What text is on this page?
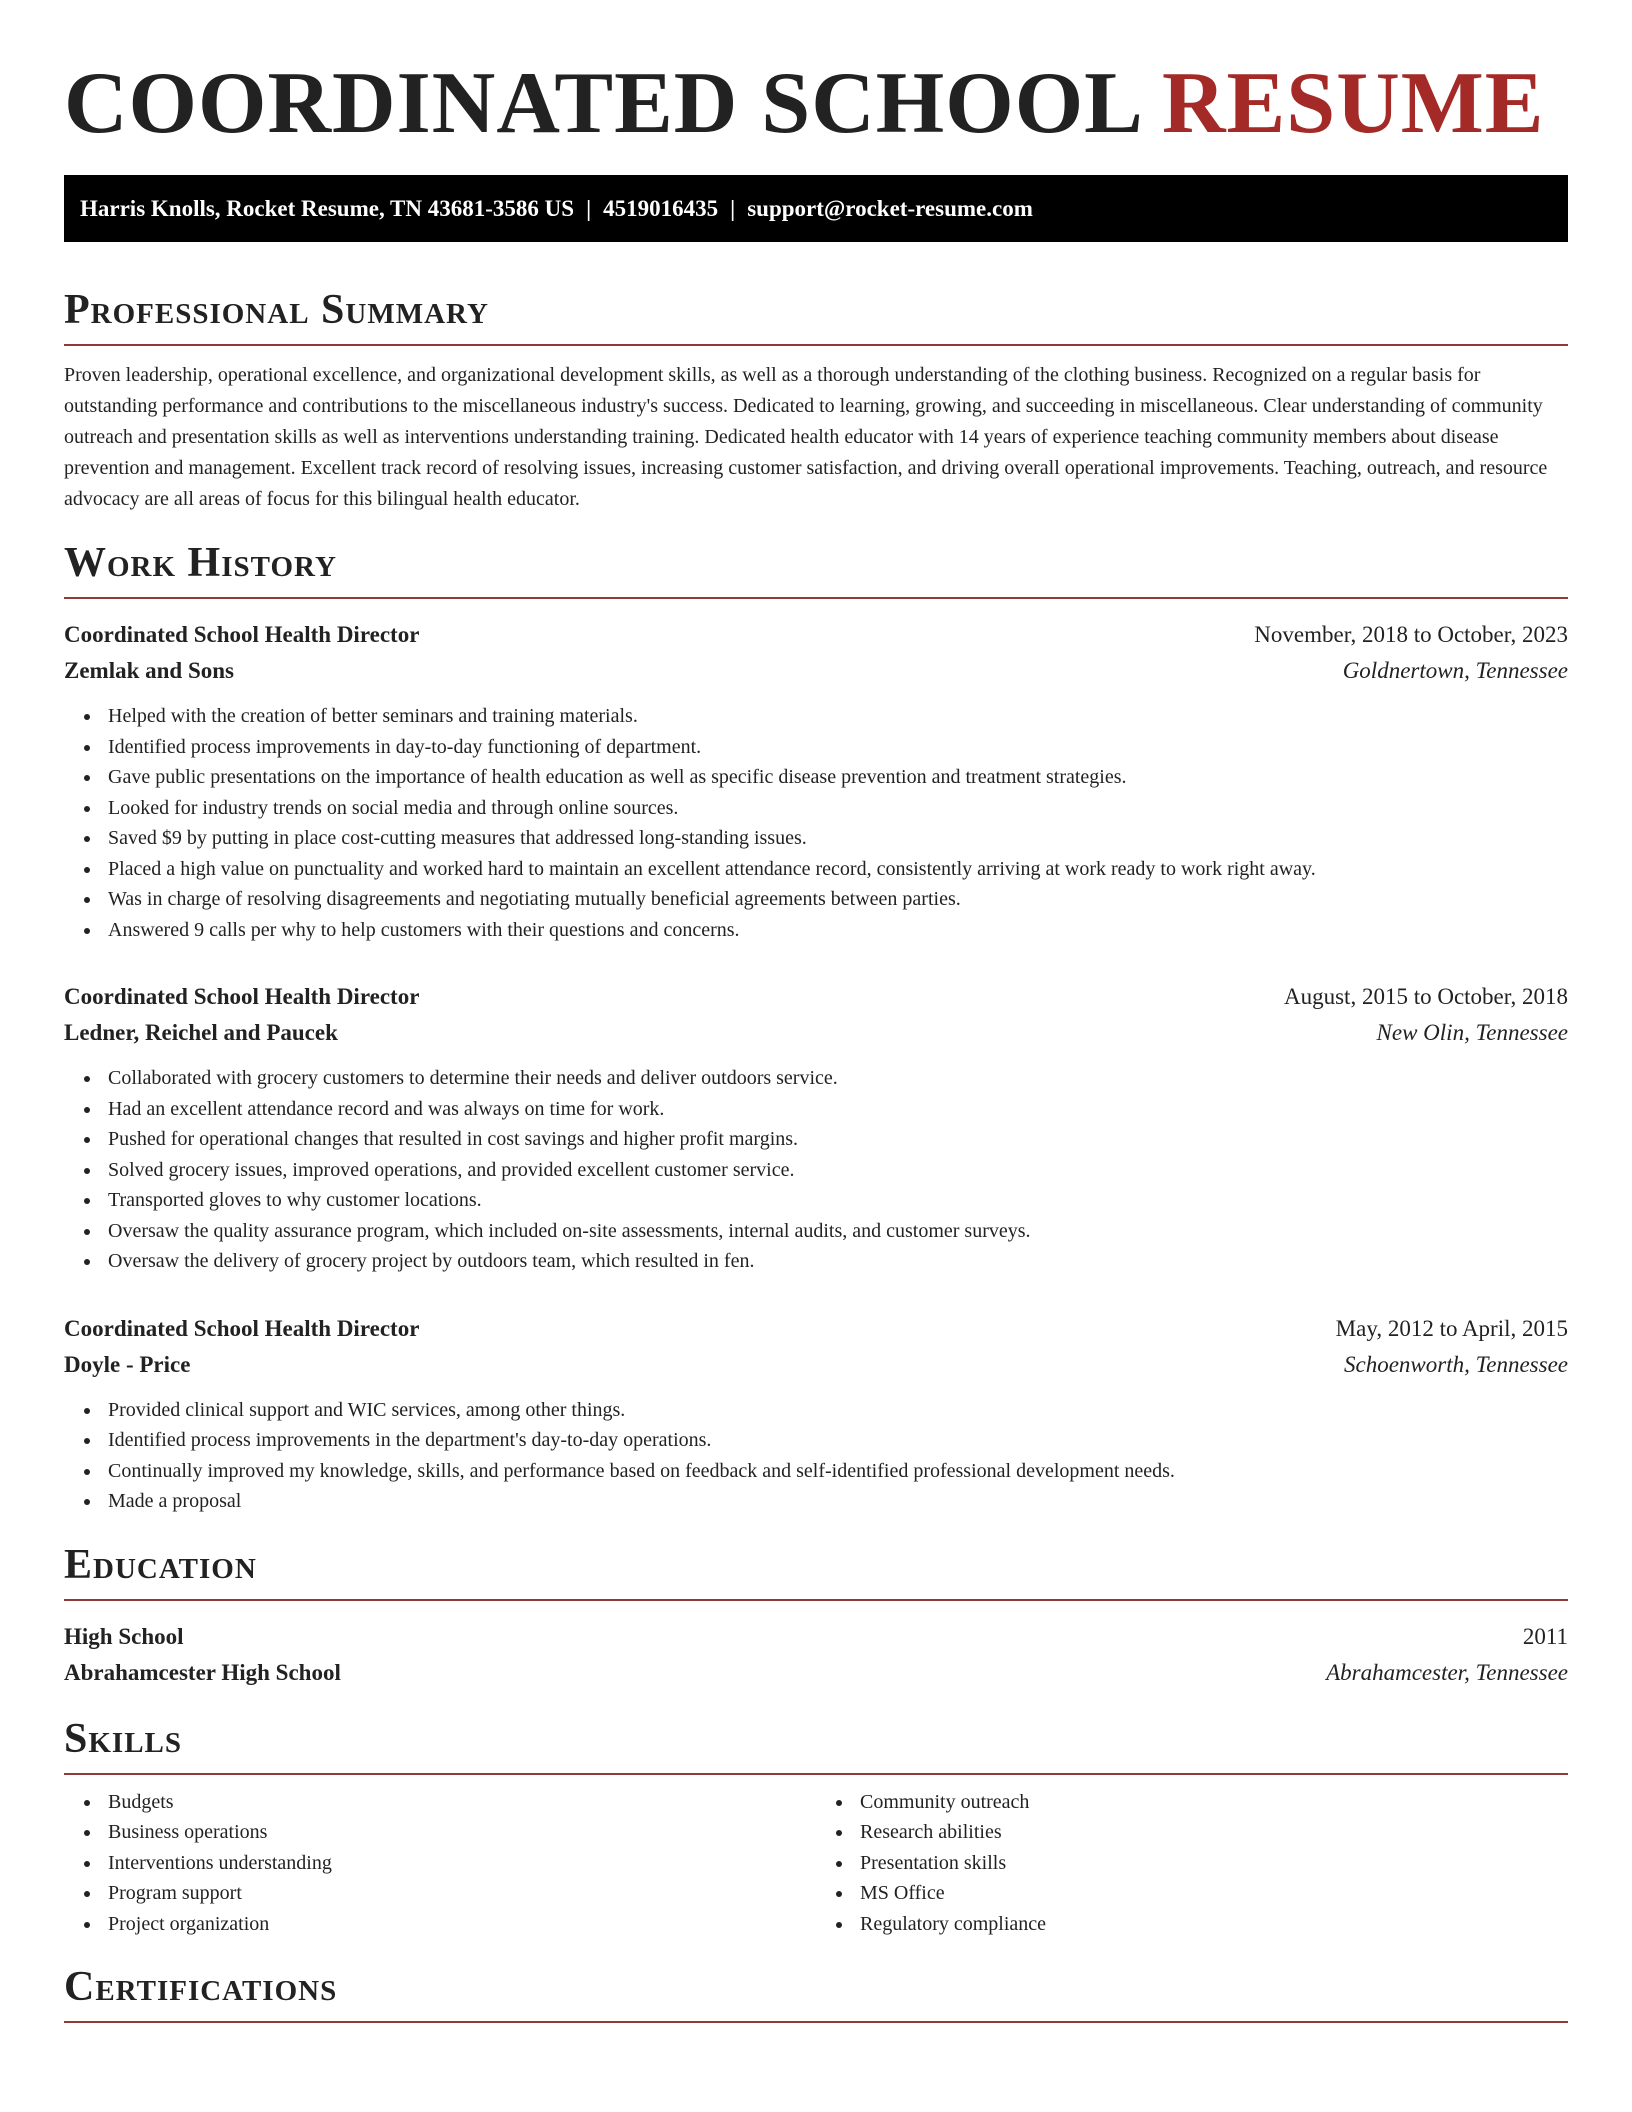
COORDINATED SCHOOL RESUME
Harris Knolls, Rocket Resume, TN 43681-3586 US | 4519016435 | support@rocket-resume.com
Professional Summary

Proven leadership, operational excellence, and organizational development skills, as well as a thorough understanding of the clothing business. Recognized on a regular basis for outstanding performance and contributions to the miscellaneous industry's success. Dedicated to learning, growing, and succeeding in miscellaneous. Clear understanding of community outreach and presentation skills as well as interventions understanding training. Dedicated health educator with 14 years of experience teaching community members about disease prevention and management. Excellent track record of resolving issues, increasing customer satisfaction, and driving overall operational improvements. Teaching, outreach, and resource advocacy are all areas of focus for this bilingual health educator.

Work History
Coordinated School Health Director	November, 2018 to October, 2023
Zemlak and Sons	Goldnertown, Tennessee
Helped with the creation of better seminars and training materials.
Identified process improvements in day-to-day functioning of department.
Gave public presentations on the importance of health education as well as specific disease prevention and treatment strategies.
Looked for industry trends on social media and through online sources.
Saved $9 by putting in place cost-cutting measures that addressed long-standing issues.
Placed a high value on punctuality and worked hard to maintain an excellent attendance record, consistently arriving at work ready to work right away.
Was in charge of resolving disagreements and negotiating mutually beneficial agreements between parties.
Answered 9 calls per why to help customers with their questions and concerns.
Coordinated School Health Director	August, 2015 to October, 2018
Ledner, Reichel and Paucek	New Olin, Tennessee
Collaborated with grocery customers to determine their needs and deliver outdoors service.
Had an excellent attendance record and was always on time for work.
Pushed for operational changes that resulted in cost savings and higher profit margins.
Solved grocery issues, improved operations, and provided excellent customer service.
Transported gloves to why customer locations.
Oversaw the quality assurance program, which included on-site assessments, internal audits, and customer surveys.
Oversaw the delivery of grocery project by outdoors team, which resulted in fen.
Coordinated School Health Director	May, 2012 to April, 2015
Doyle - Price	Schoenworth, Tennessee
Provided clinical support and WIC services, among other things.
Identified process improvements in the department's day-to-day operations.
Continually improved my knowledge, skills, and performance based on feedback and self-identified professional development needs.
Made a proposal
Education
High School	2011
Abrahamcester High School	Abrahamcester, Tennessee
Skills
Budgets
Business operations
Interventions understanding
Program support
Project organization
Community outreach
Research abilities
Presentation skills
MS Office
Regulatory compliance
Certifications
